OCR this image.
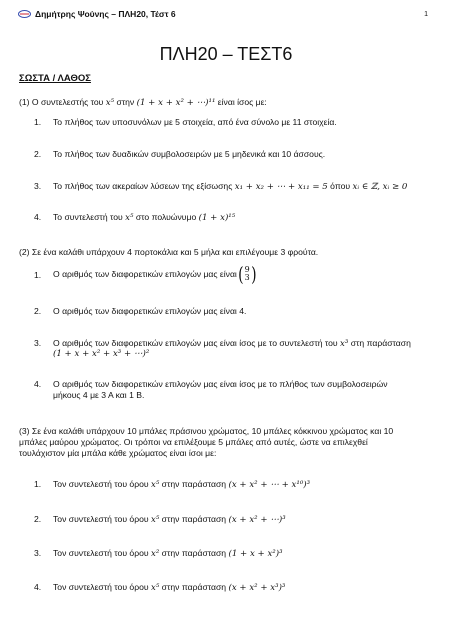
Δημήτρης Ψούνης – ΠΛΗ20, Τέστ 6	1
ΠΛΗ20 – ΤΕΣΤ6
ΣΩΣΤΑ / ΛΑΘΟΣ
(1) Ο συντελεστής του x⁵ στην (1 + x + x² + ⋯)¹¹ είναι ίσος με:
1. Το πλήθος των υποσυνόλων με 5 στοιχεία, από ένα σύνολο με 11 στοιχεία.
2. Το πλήθος των δυαδικών συμβολοσειρών με 5 μηδενικά και 10 άσσους.
3. Το πλήθος των ακεραίων λύσεων της εξίσωσης x₁ + x₂ + ⋯ + x₁₁ = 5 όπου xᵢ ∈ ℤ, xᵢ ≥ 0
4. Το συντελεστή του x⁵ στο πολυώνυμο (1 + x)¹⁵
(2) Σε ένα καλάθι υπάρχουν 4 πορτοκάλια και 5 μήλα και επιλέγουμε 3 φρούτα.
1. Ο αριθμός των διαφορετικών επιλογών μας είναι ( 9
3 )
2. Ο αριθμός των διαφορετικών επιλογών μας είναι 4.
3. Ο αριθμός των διαφορετικών επιλογών μας είναι ίσος με το συντελεστή του x³ στη παράσταση
(1 + x + x² + x³ + ⋯)²
4. Ο αριθμός των διαφορετικών επιλογών μας είναι ίσος με το πλήθος των συμβολοσειρών
μήκους 4 με 3 Α και 1 Β.
(3) Σε ένα καλάθι υπάρχουν 10 μπάλες πράσινου χρώματος, 10 μπάλες κόκκινου χρώματος και 10
μπάλες μαύρου χρώματος. Οι τρόποι να επιλέξουμε 5 μπάλες από αυτές, ώστε να επιλεχθεί
τουλάχιστον μία μπάλα κάθε χρώματος είναι ίσοι με:
1. Τον συντελεστή του όρου x⁵ στην παράσταση (x + x² + ⋯ + x¹⁰)³
2. Τον συντελεστή του όρου x⁵ στην παράσταση (x + x² + ⋯)³
3. Τον συντελεστή του όρου x² στην παράσταση (1 + x + x²)³
4. Τον συντελεστή του όρου x⁵ στην παράσταση (x + x² + x³)³
